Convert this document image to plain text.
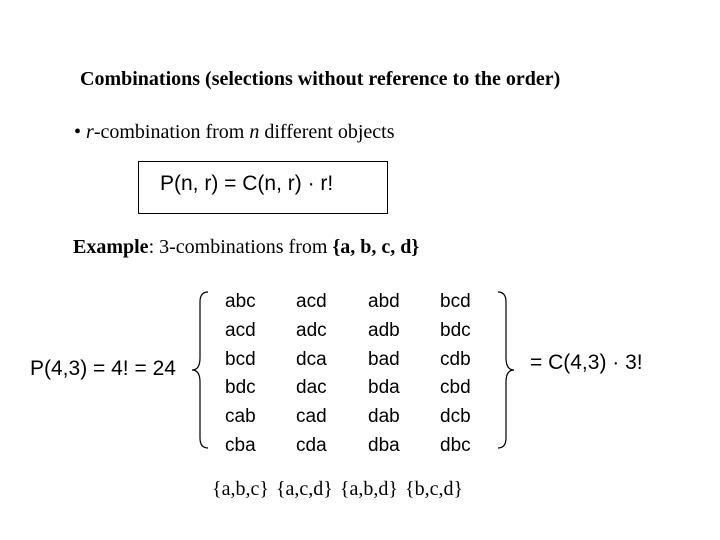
Combinations (selections without reference to the order)
• r-combination from n different objects
P(n, r) = C(n, r) · r!
Example: 3-combinations from {a, b, c, d}
P(4,3) = 4! = 24
abc
acd
bcd
bdc
cab
cba
acd
adc
dca
dac
cad
cda
abd
adb
bad
bda
dab
dba
bcd
bdc
cdb
cbd
dcb
dbc
= C(4,3) · 3!
{a,b,c} {a,c,d} {a,b,d} {b,c,d}
